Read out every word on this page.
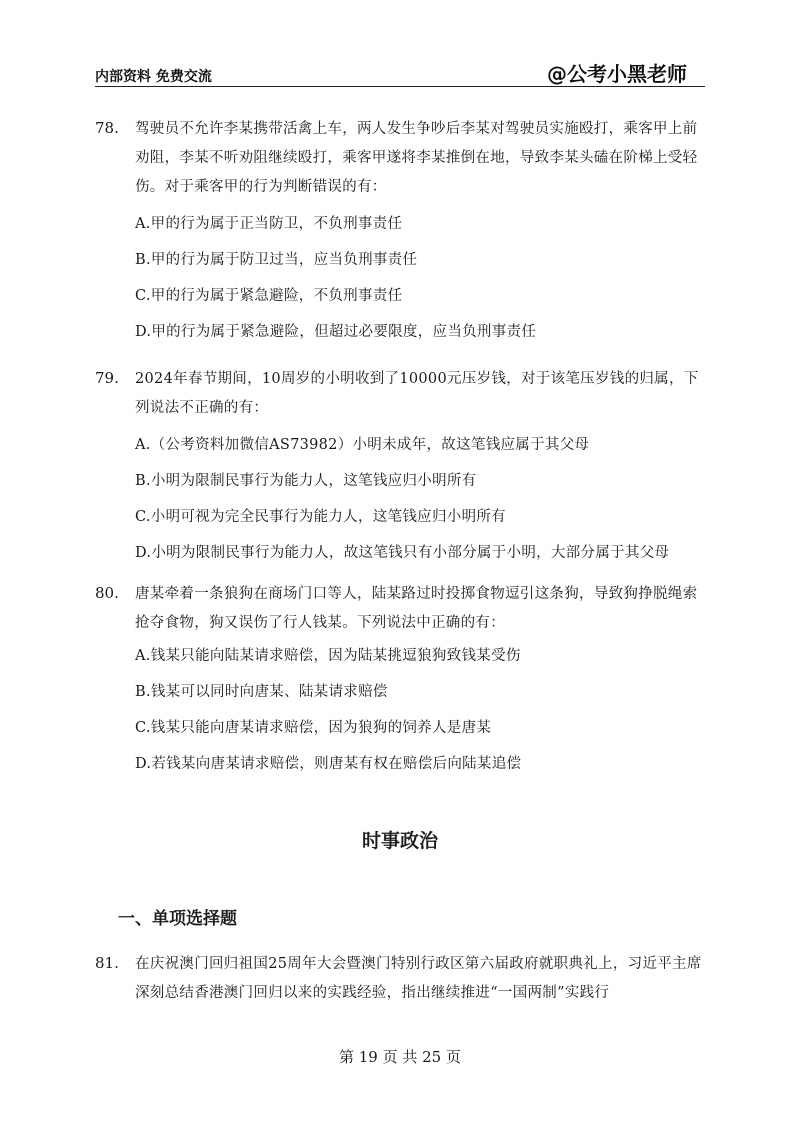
内部资料 免费交流	@公考小黑老师
78. 驾驶员不允许李某携带活禽上车，两人发生争吵后李某对驾驶员实施殴打，乘客甲上前劝阻，李某不听劝阻继续殴打，乘客甲遂将李某推倒在地，导致李某头磕在阶梯上受轻伤。对于乘客甲的行为判断错误的有：
A.甲的行为属于正当防卫，不负刑事责任
B.甲的行为属于防卫过当，应当负刑事责任
C.甲的行为属于紧急避险，不负刑事责任
D.甲的行为属于紧急避险，但超过必要限度，应当负刑事责任
79. 2024年春节期间，10周岁的小明收到了10000元压岁钱，对于该笔压岁钱的归属，下列说法不正确的有：
A.（公考资料加微信AS73982）小明未成年，故这笔钱应属于其父母
B.小明为限制民事行为能力人，这笔钱应归小明所有
C.小明可视为完全民事行为能力人，这笔钱应归小明所有
D.小明为限制民事行为能力人，故这笔钱只有小部分属于小明，大部分属于其父母
80. 唐某牵着一条狼狗在商场门口等人，陆某路过时投掷食物逗引这条狗，导致狗挣脱绳索抢夺食物，狗又误伤了行人钱某。下列说法中正确的有：
A.钱某只能向陆某请求赔偿，因为陆某挑逗狼狗致钱某受伤
B.钱某可以同时向唐某、陆某请求赔偿
C.钱某只能向唐某请求赔偿，因为狼狗的饲养人是唐某
D.若钱某向唐某请求赔偿，则唐某有权在赔偿后向陆某追偿
时事政治
一、单项选择题
81. 在庆祝澳门回归祖国25周年大会暨澳门特别行政区第六届政府就职典礼上，习近平主席深刻总结香港澳门回归以来的实践经验，指出继续推进“一国两制”实践行
第 19 页 共 25 页
